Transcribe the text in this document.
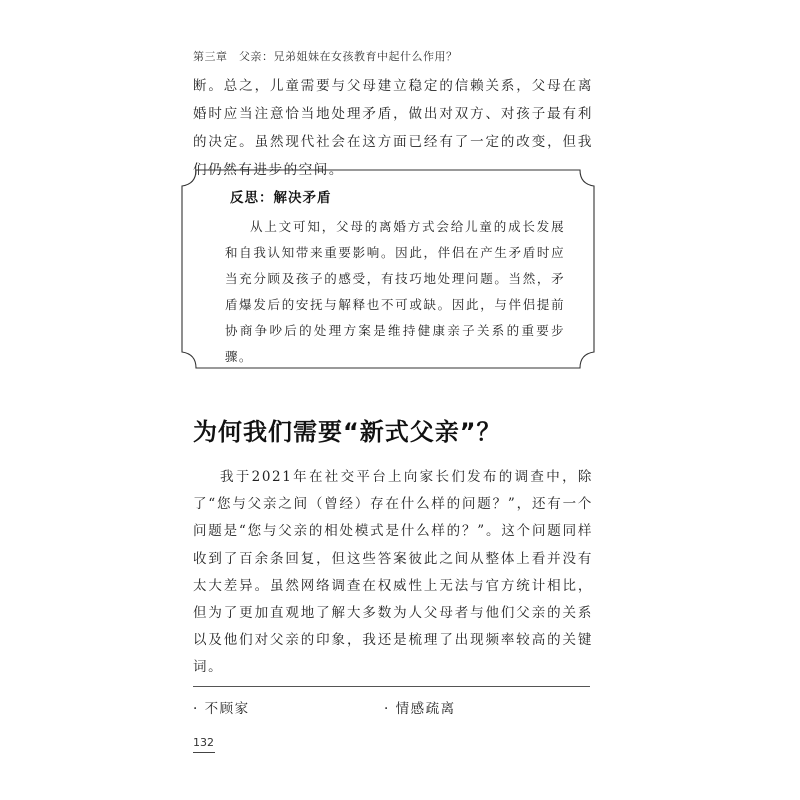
第三章　父亲：兄弟姐妹在女孩教育中起什么作用？

断。总之，儿童需要与父母建立稳定的信赖关系，父母在离婚时应当注意恰当地处理矛盾，做出对双方、对孩子最有利的决定。虽然现代社会在这方面已经有了一定的改变，但我们仍然有进步的空间。

反思：解决矛盾

从上文可知，父母的离婚方式会给儿童的成长发展和自我认知带来重要影响。因此，伴侣在产生矛盾时应当充分顾及孩子的感受，有技巧地处理问题。当然，矛盾爆发后的安抚与解释也不可或缺。因此，与伴侣提前协商争吵后的处理方案是维持健康亲子关系的重要步骤。

为何我们需要“新式父亲”？

我于2021年在社交平台上向家长们发布的调查中，除了“您与父亲之间（曾经）存在什么样的问题？”，还有一个问题是“您与父亲的相处模式是什么样的？”。这个问题同样收到了百余条回复，但这些答案彼此之间从整体上看并没有太大差异。虽然网络调查在权威性上无法与官方统计相比，但为了更加直观地了解大多数为人父母者与他们父亲的关系以及他们对父亲的印象，我还是梳理了出现频率较高的关键词。

· 不顾家	· 情感疏离
132
